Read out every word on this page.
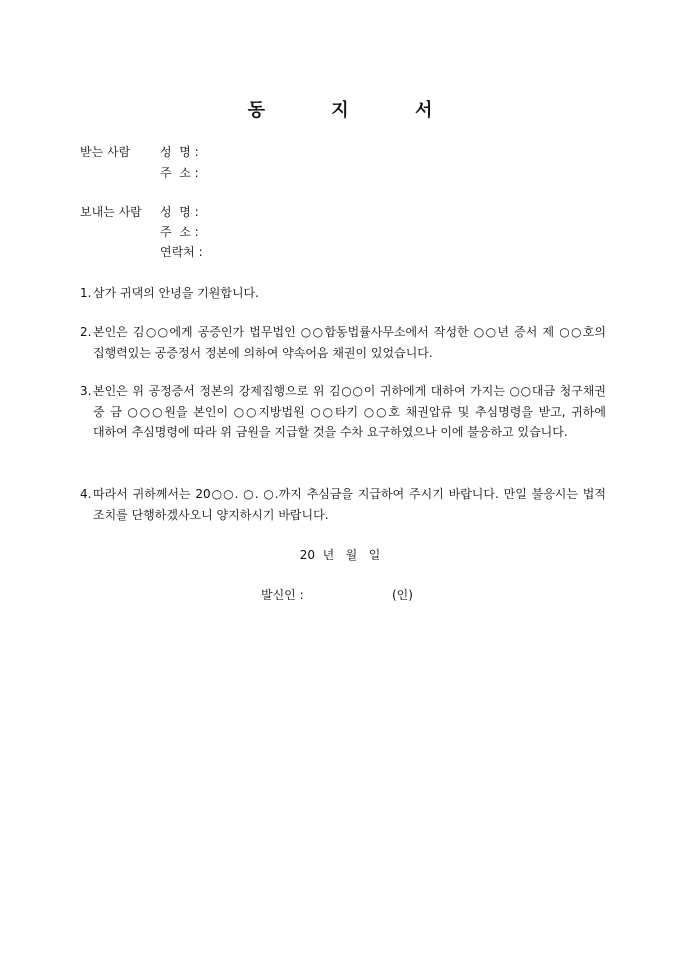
동 지 서
받는 사람 성  명 :
주  소 :
보내는 사람 성  명 :
주  소 :
연락처 :
1. 삼가 귀댁의 안녕을 기원합니다.
2. 본인은 김○○에게 공증인가 법무법인 ○○합동법률사무소에서 작성한 ○○년 증서 제 ○○호의 집행력있는 공증정서 정본에 의하여 약속어음 채권이 있었습니다.
3. 본인은 위 공정증서 정본의 강제집행으로 위 김○○이 귀하에게 대하여 가지는 ○○대금 청구채권 중 금 ○○○원을 본인이 ○○지방법원 ○○타기 ○○호 채권압류 및 추심명령을 받고, 귀하에 대하여 추심명령에 따라 위 금원을 지급할 것을 수차 요구하였으나 이에 불응하고 있습니다.
4. 따라서 귀하께서는 20○○. ○. ○.까지 추심금을 지급하여 주시기 바랍니다. 만일 불응시는 법적 조치를 단행하겠사오니 양지하시기 바랍니다.
20  년   월   일
발신인 :	(인)
